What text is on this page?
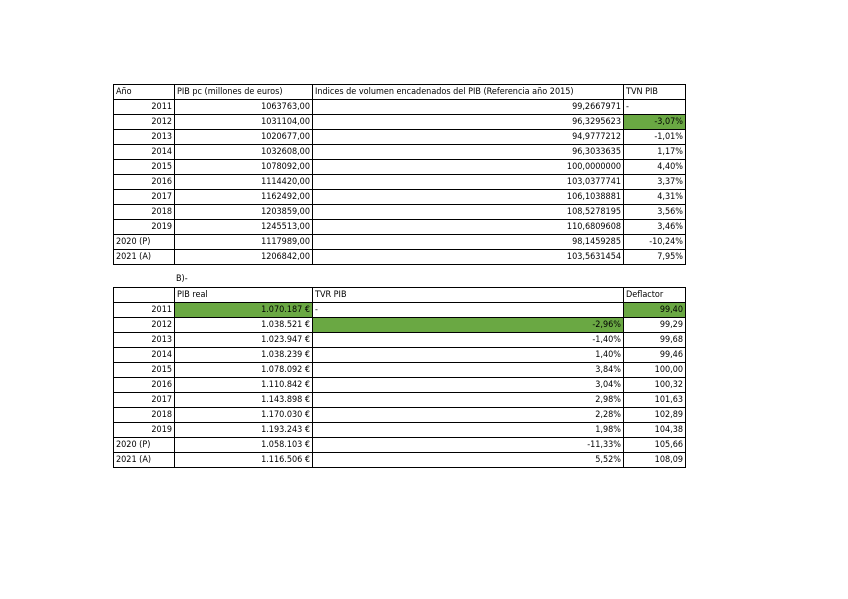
Año	PIB pc (millones de euros)	Indices de volumen encadenados del PIB (Referencia año 2015)	TVN PIB
2011	1063763,00	99,2667971	-
2012	1031104,00	96,3295623	-3,07%
2013	1020677,00	94,9777212	-1,01%
2014	1032608,00	96,3033635	1,17%
2015	1078092,00	100,0000000	4,40%
2016	1114420,00	103,0377741	3,37%
2017	1162492,00	106,1038881	4,31%
2018	1203859,00	108,5278195	3,56%
2019	1245513,00	110,6809608	3,46%
2020 (P)	1117989,00	98,1459285	-10,24%
2021 (A)	1206842,00	103,5631454	7,95%
B)-
	PIB real	TVR PIB	Deflactor
2011	1.070.187 €	-	99,40
2012	1.038.521 €	-2,96%	99,29
2013	1.023.947 €	-1,40%	99,68
2014	1.038.239 €	1,40%	99,46
2015	1.078.092 €	3,84%	100,00
2016	1.110.842 €	3,04%	100,32
2017	1.143.898 €	2,98%	101,63
2018	1.170.030 €	2,28%	102,89
2019	1.193.243 €	1,98%	104,38
2020 (P)	1.058.103 €	-11,33%	105,66
2021 (A)	1.116.506 €	5,52%	108,09
